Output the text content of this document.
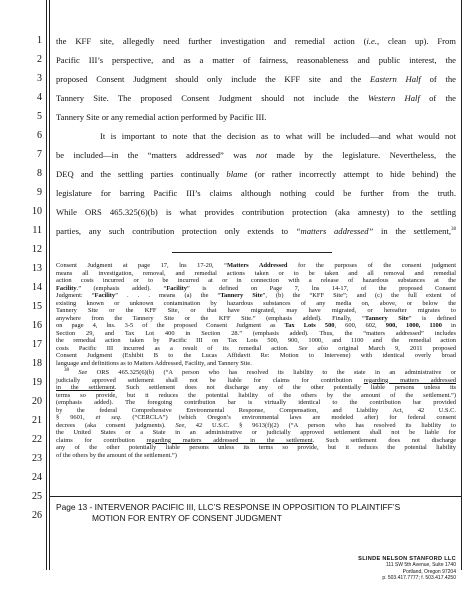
1
2
3
4
5
6
7
8
9
10
11
12
13
14
15
16
17
18
19
20
21
22
23
24
25
26
the KFF site, allegedly need further investigation and remedial action (i.e., clean up). From
Pacific III’s perspective, and as a matter of fairness, reasonableness and public interest, the
proposed Consent Judgment should only include the KFF site and the Eastern Half of the
Tannery Site. The proposed Consent Judgment should not include the Western Half of the
Tannery Site or any remedial action performed by Pacific III.
It is important to note that the decision as to what will be included—and what would not
be included—in the “matters addressed” was not made by the legislature. Nevertheless, the
DEQ and the settling parties continually blame (or rather incorrectly attempt to hide behind) the
legislature for barring Pacific III’s claims although nothing could be further from the truth.
While ORS 465.325(6)(b) is what provides contribution protection (aka amnesty) to the settling
parties, any such contribution protection only extends to “matters addressed” in the settlement,$^{38}$
Consent Judgment at page 17, lns 17-20, “Matters Addressed for the purposes of the consent judgment
means all investigation, removal, and remedial actions taken or to be taken and all removal and remedial
action costs incurred or to be incurred at or in connection with a release of hazardous substances at the
Facility.” (emphasis added). “Facility” is defined on Page 7, lns 14-17, of the proposed Consent
Judgment: “Facility” . . . means (a) the “Tannery Site”, (b) the “KFF Site”; and (c) the full extent of
existing known or unknown contamination by hazardous substances of any media on, above, or below the
Tannery Site or the KFF Site, or that have migrated, may have migrated, or hereafter migrates to
anywhere from the Tannery Site or the KFF Site.” (emphasis added). Finally, “Tannery Site” is defined
on page 4, lns. 3-5 of the proposed Consent Judgment as Tax Lots 500, 600, 602, 900, 1000, 1100 in
Section 29, and Tax Lot 400 in Section 28.” (emphasis added). Thus, the “matters addressed” includes
the remedial action taken by Pacific III on Tax Lots 500, 900, 1000, and 1100 and the remedial action
costs Pacific III incurred as a result of its remedial action. See also original March 9, 2011 proposed
Consent Judgment (Exhibit B to the Lucas Affidavit Re: Motion to Intervene) with identical overly broad
language and definitions as to Matters Addressed, Facility, and Tannery Site.
$^{38}$ See ORS 465.325(6)(b) (“A person who has resolved its liability to the state in an administrative or
judicially approved settlement shall not be liable for claims for contribution regarding matters addressed
in the settlement. Such settlement does not discharge any of the other potentially liable persons unless its
terms so provide, but it reduces the potential liability of the others by the amount of the settlement.”)
(emphasis added). The foregoing contribution bar is virtually identical to the contribution bar provided
by the federal Comprehensive Environmental Response, Compensation, and Liability Act, 42 U.S.C.
§ 9601, et seq. (“CERCLA”) (which Oregon’s environmental laws are modeled after) for federal consent
decrees (aka consent judgments). See, 42 U.S.C. § 9613(f)(2) (“A person who has resolved its liability to
the United States or a State in an administrative or judicially approved settlement shall not be liable for
claims for contribution regarding matters addressed in the settlement. Such settlement does not discharge
any of the other potentially liable persons unless its terms so provide, but it reduces the potential liability
of the others by the amount of the settlement.”)
Page 13 - INTERVENOR PACIFIC III, LLC’S RESPONSE IN OPPOSITION TO PLAINTIFF’S
MOTION FOR ENTRY OF CONSENT JUDGMENT
SLINDE NELSON STANFORD LLC
111 SW 5th Avenue, Suite 1740
Portland, Oregon 97204
p. 503.417.7777; f. 503.417.4250
